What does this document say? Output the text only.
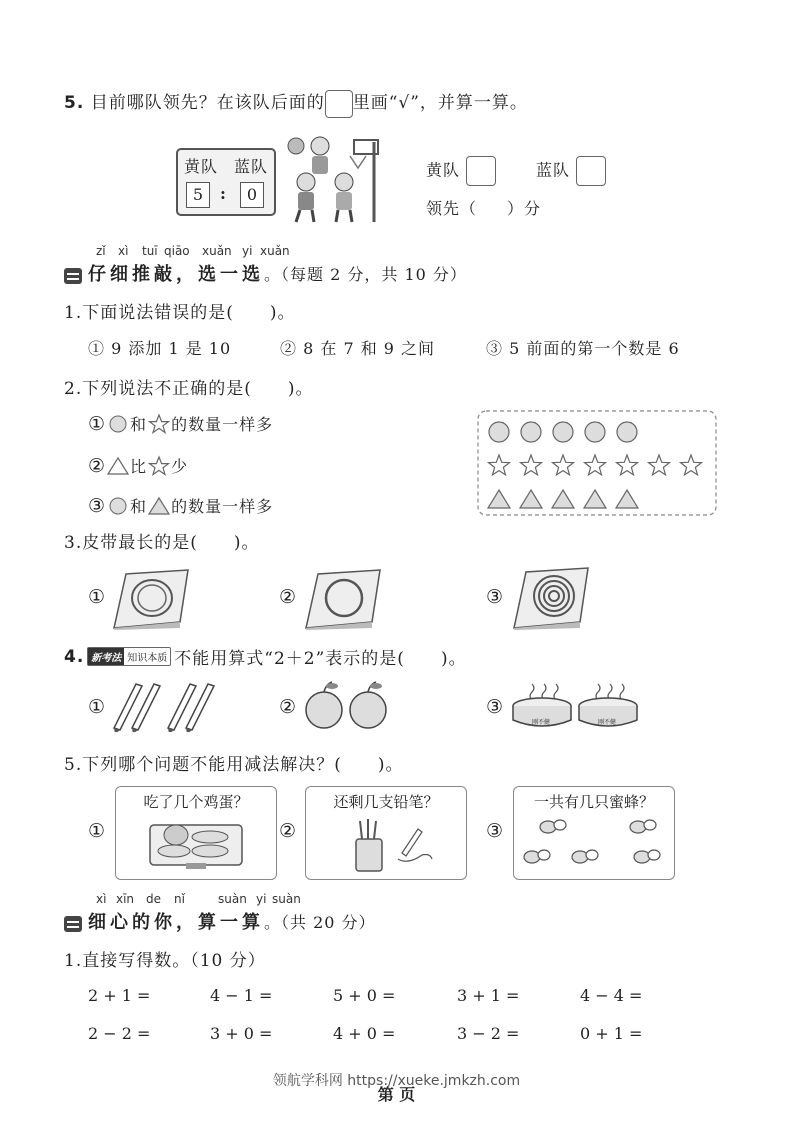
5. 目前哪队领先？在该队后面的 里画“√”，并算一算。
黄队 蓝队
5	:	0
黄队	蓝队
领先（ ）分
zǐ xì tuī qiāo xuǎn yi xuǎn
仔细推敲，选一选。（每题 2 分，共 10 分）
1.下面说法错误的是(　　)。
① 9 添加 1 是 10	② 8 在 7 和 9 之间	③ 5 前面的第一个数是 6
2.下列说法不正确的是(　　)。
① 和 的数量一样多
② 比 少
③ 和 的数量一样多
3.皮带最长的是(　　)。
①	②	③
4. 新考法 知识本质 不能用算式“2＋2”表示的是(　　)。
①	②	③
刚不健	刚不健
5.下列哪个问题不能用减法解决？(　　)。
①	②	③
吃了几个鸡蛋？	还剩几支铅笔？	一共有几只蜜蜂？
xì xīn de nǐ	suàn yi suàn
细心的你，算一算。（共 20 分）
1.直接写得数。（10 分）
2 + 1 =	4 − 1 =	5 + 0 =	3 + 1 =	4 − 4 =
2 − 2 =	3 + 0 =	4 + 0 =	3 − 2 =	0 + 1 =
领航学科网 https://xueke.jmkzh.com
第 页
